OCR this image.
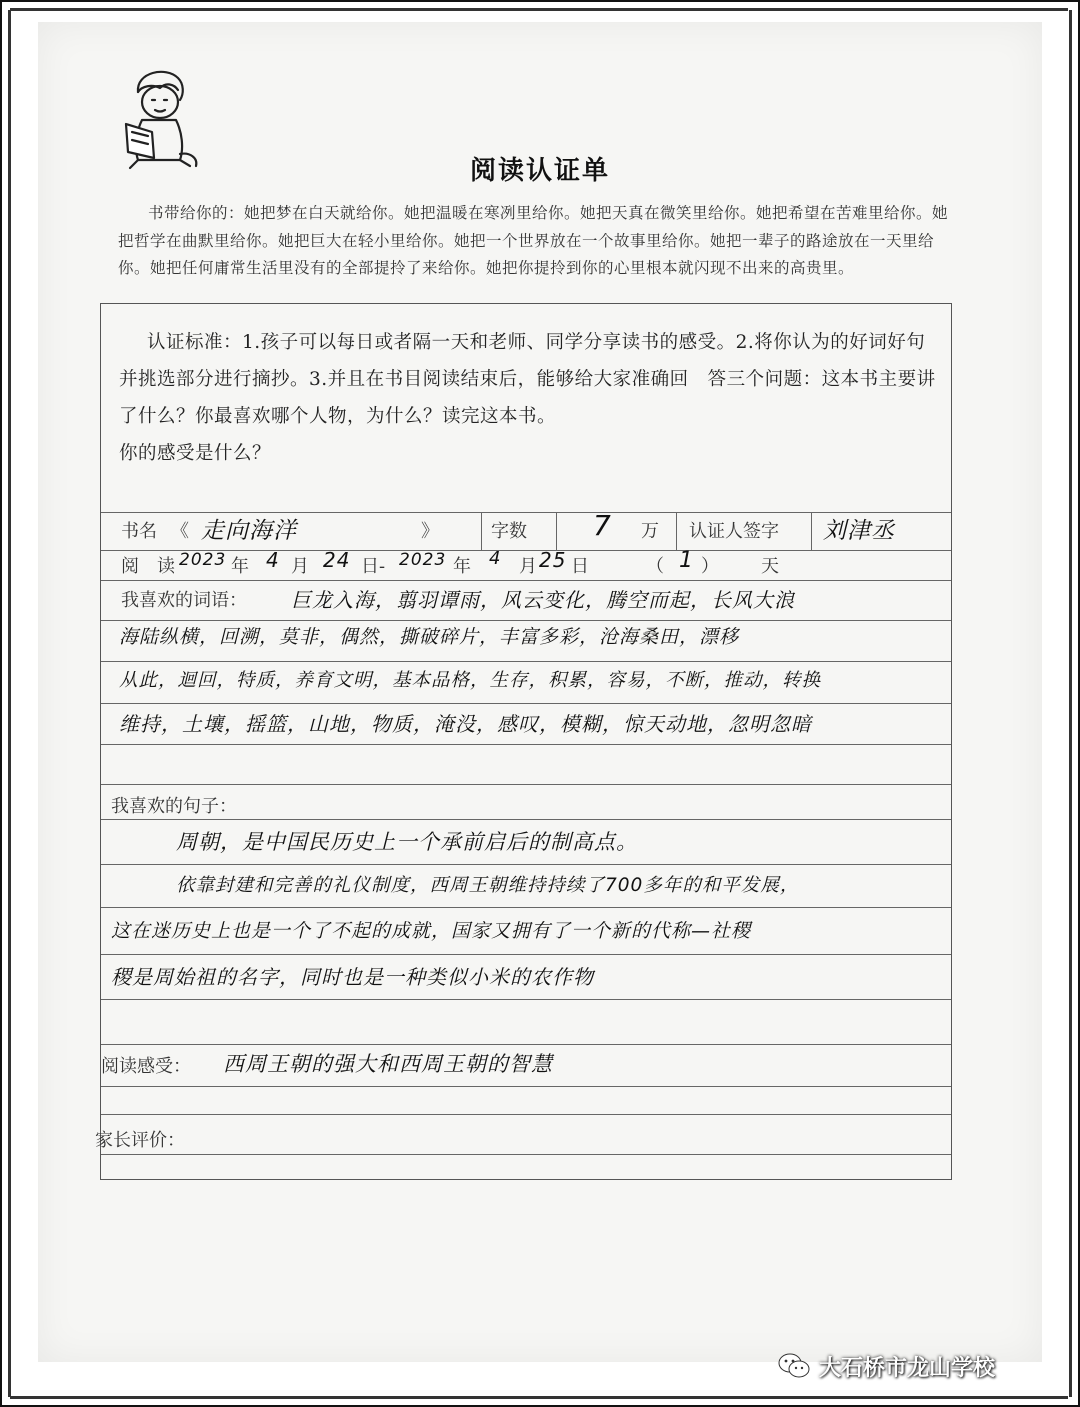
阅读认证单
书带给你的：她把梦在白天就给你。她把温暖在寒冽里给你。她把天真在微笑里给你。她把希望在苦难里给你。她把哲学在曲默里给你。她把巨大在轻小里给你。她把一个世界放在一个故事里给你。她把一辈子的路途放在一天里给你。她把任何庸常生活里没有的全部提拎了来给你。她把你提拎到你的心里根本就闪现不出来的高贵里。
认证标准：1.孩子可以每日或者隔一天和老师、同学分享读书的感受。2.将你认为的好词好句并挑选部分进行摘抄。3.并且在书目阅读结束后，能够给大家准确回　答三个问题：这本书主要讲了什么？你最喜欢哪个人物，为什么？读完这本书。
你的感受是什么？
书名 《 走向海洋	》	字数 7 万 认证人签字 刘津丞
阅　读 2023 年 4 月 24 日- 2023 年 4 月 25 日	（ 1 ） 天
我喜欢的词语： 巨龙入海，翦羽谭雨，风云变化，腾空而起，长风大浪
海陆纵横，回溯，莫非，偶然，撕破碎片，丰富多彩，沧海桑田，漂移
从此，迴回，特质，养育文明，基本品格，生存，积累，容易，不断，推动，转换
维持，土壤，摇篮，山地，物质，淹没，感叹，模糊，惊天动地，忽明忽暗
我喜欢的句子：
周朝，是中国民历史上一个承前启后的制高点。
依靠封建和完善的礼仪制度，西周王朝维持持续了700多年的和平发展，
这在迷历史上也是一个了不起的成就，国家又拥有了一个新的代称—社稷
稷是周始祖的名字，同时也是一种类似小米的农作物
阅读感受： 西周王朝的强大和西周王朝的智慧
家长评价：
大石桥市龙山学校
